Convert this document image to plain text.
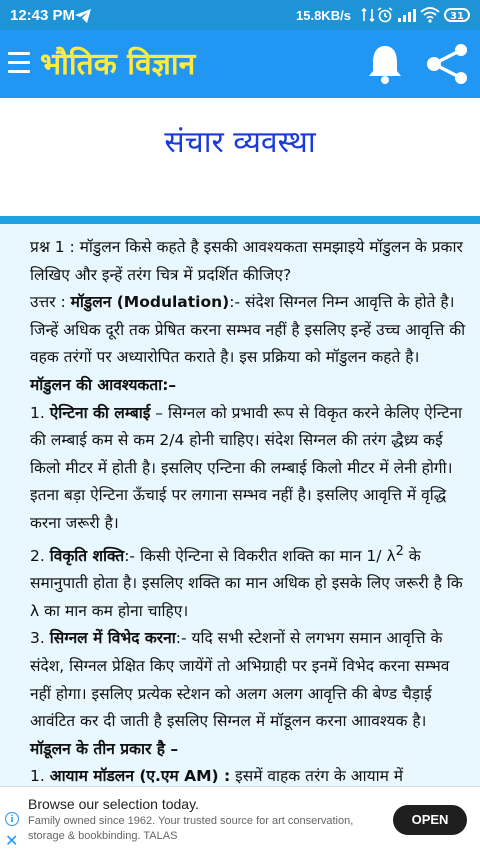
12:43 PM	15.8KB/s	31
भौतिक विज्ञान
संचार व्यवस्था

प्रश्न 1 : मॉडुलन किसे कहते है इसकी आवश्यकता समझाइये मॉडुलन के प्रकार लिखिए और इन्हें तरंग चित्र में प्रदर्शित कीजिए?

उत्तर : मॉडुलन (Modulation):- संदेश सिग्नल निम्न आवृत्ति के होते है। जिन्हें अधिक दूरी तक प्रेषित करना सम्भव नहीं है इसलिए इन्हें उच्च आवृत्ति की वहक तरंगों पर अध्यारोपित कराते है। इस प्रक्रिया को मॉडुलन कहते है।

मॉडुलन की आवश्यकता:–

1. ऐन्टिना की लम्बाई – सिग्नल को प्रभावी रूप से विकृत करने केलिए ऐन्टिना की लम्बाई कम से कम 2/4 होनी चाहिए। संदेश सिग्नल की तरंग द्धैध्र्य कई किलो मीटर में होती है। इसलिए एन्टिना की लम्बाई किलो मीटर में लेनी होगी। इतना बड़ा ऐन्टिना ऊँचाई पर लगाना सम्भव नहीं है। इसलिए आवृत्ति में वृद्धि करना जरूरी है।

2. विकृति शक्ति:- किसी ऐन्टिना से विकरीत शक्ति का मान 1/ $\lambda^2$ के समानुपाती होता है। इसलिए शक्ति का मान अधिक हो इसके लिए जरूरी है कि λ का मान कम होना चाहिए।

3. सिग्नल में विभेद करना:- यदि सभी स्टेशनों से लगभग समान आवृत्ति के संदेश, सिग्नल प्रेक्षित किए जायेंगें तो अभिग्राही पर इनमें विभेद करना सम्भव नहीं होगा। इसलिए प्रत्येक स्टेशन को अलग अलग आवृत्ति की बेण्ड चैड़ाई आवंटित कर दी जाती है इसलिए सिग्नल में मॉडूलन करना आावश्यक है।

मॉडूलन के तीन प्रकार है –

1. आयाम मॉडलन (ए.एम AM) : इसमें वाहक तरंग के आयाम में

i
✕
Browse our selection today.
Family owned since 1962. Your trusted source for art conservation, storage & bookbinding. TALAS
OPEN
